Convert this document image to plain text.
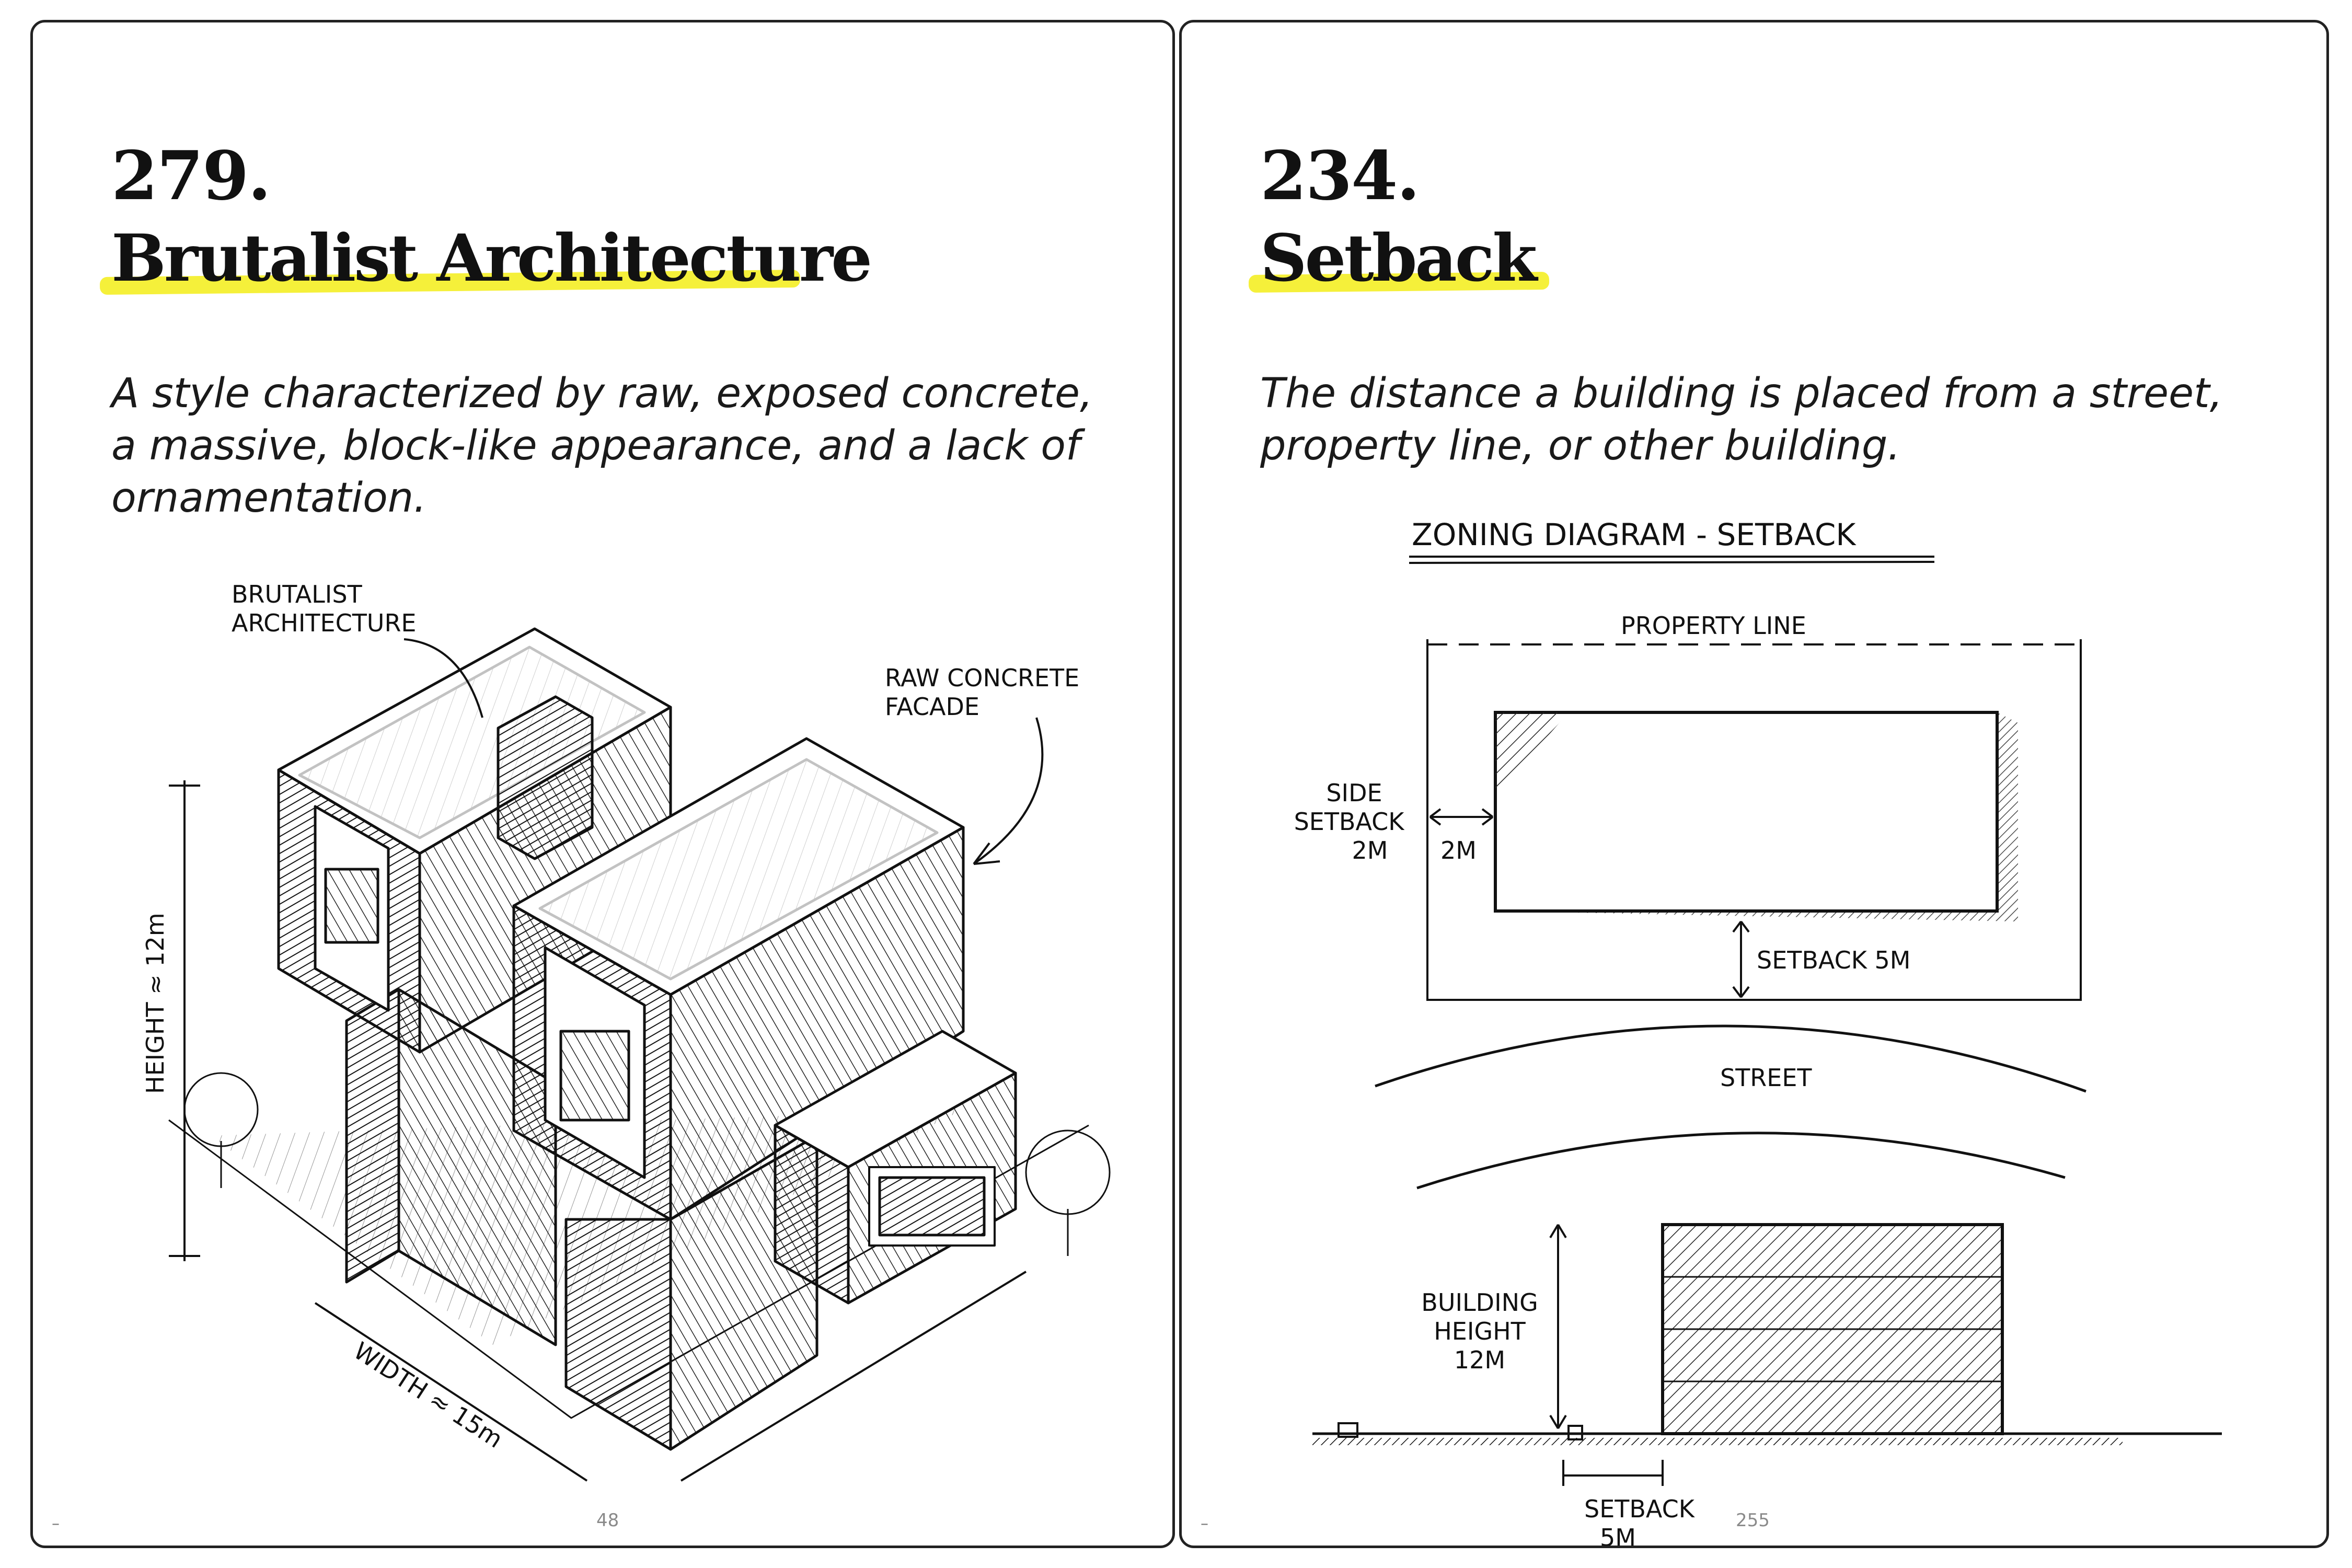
279.
Brutalist Architecture
A style characterized by raw, exposed concrete, a massive, block-like appearance, and a lack of ornamentation.
BRUTALIST
ARCHITECTURE
RAW CONCRETE
FACADE
HEIGHT ≈ 12m
WIDTH ≈ 15m
–	48
234.
Setback
The distance a building is placed from a street, property line, or other building.
ZONING DIAGRAM - SETBACK
PROPERTY LINE
SIDE
SETBACK
2M 2M
SETBACK 5M
STREET
BUILDING
HEIGHT
12M
SETBACK
5M
–	255
